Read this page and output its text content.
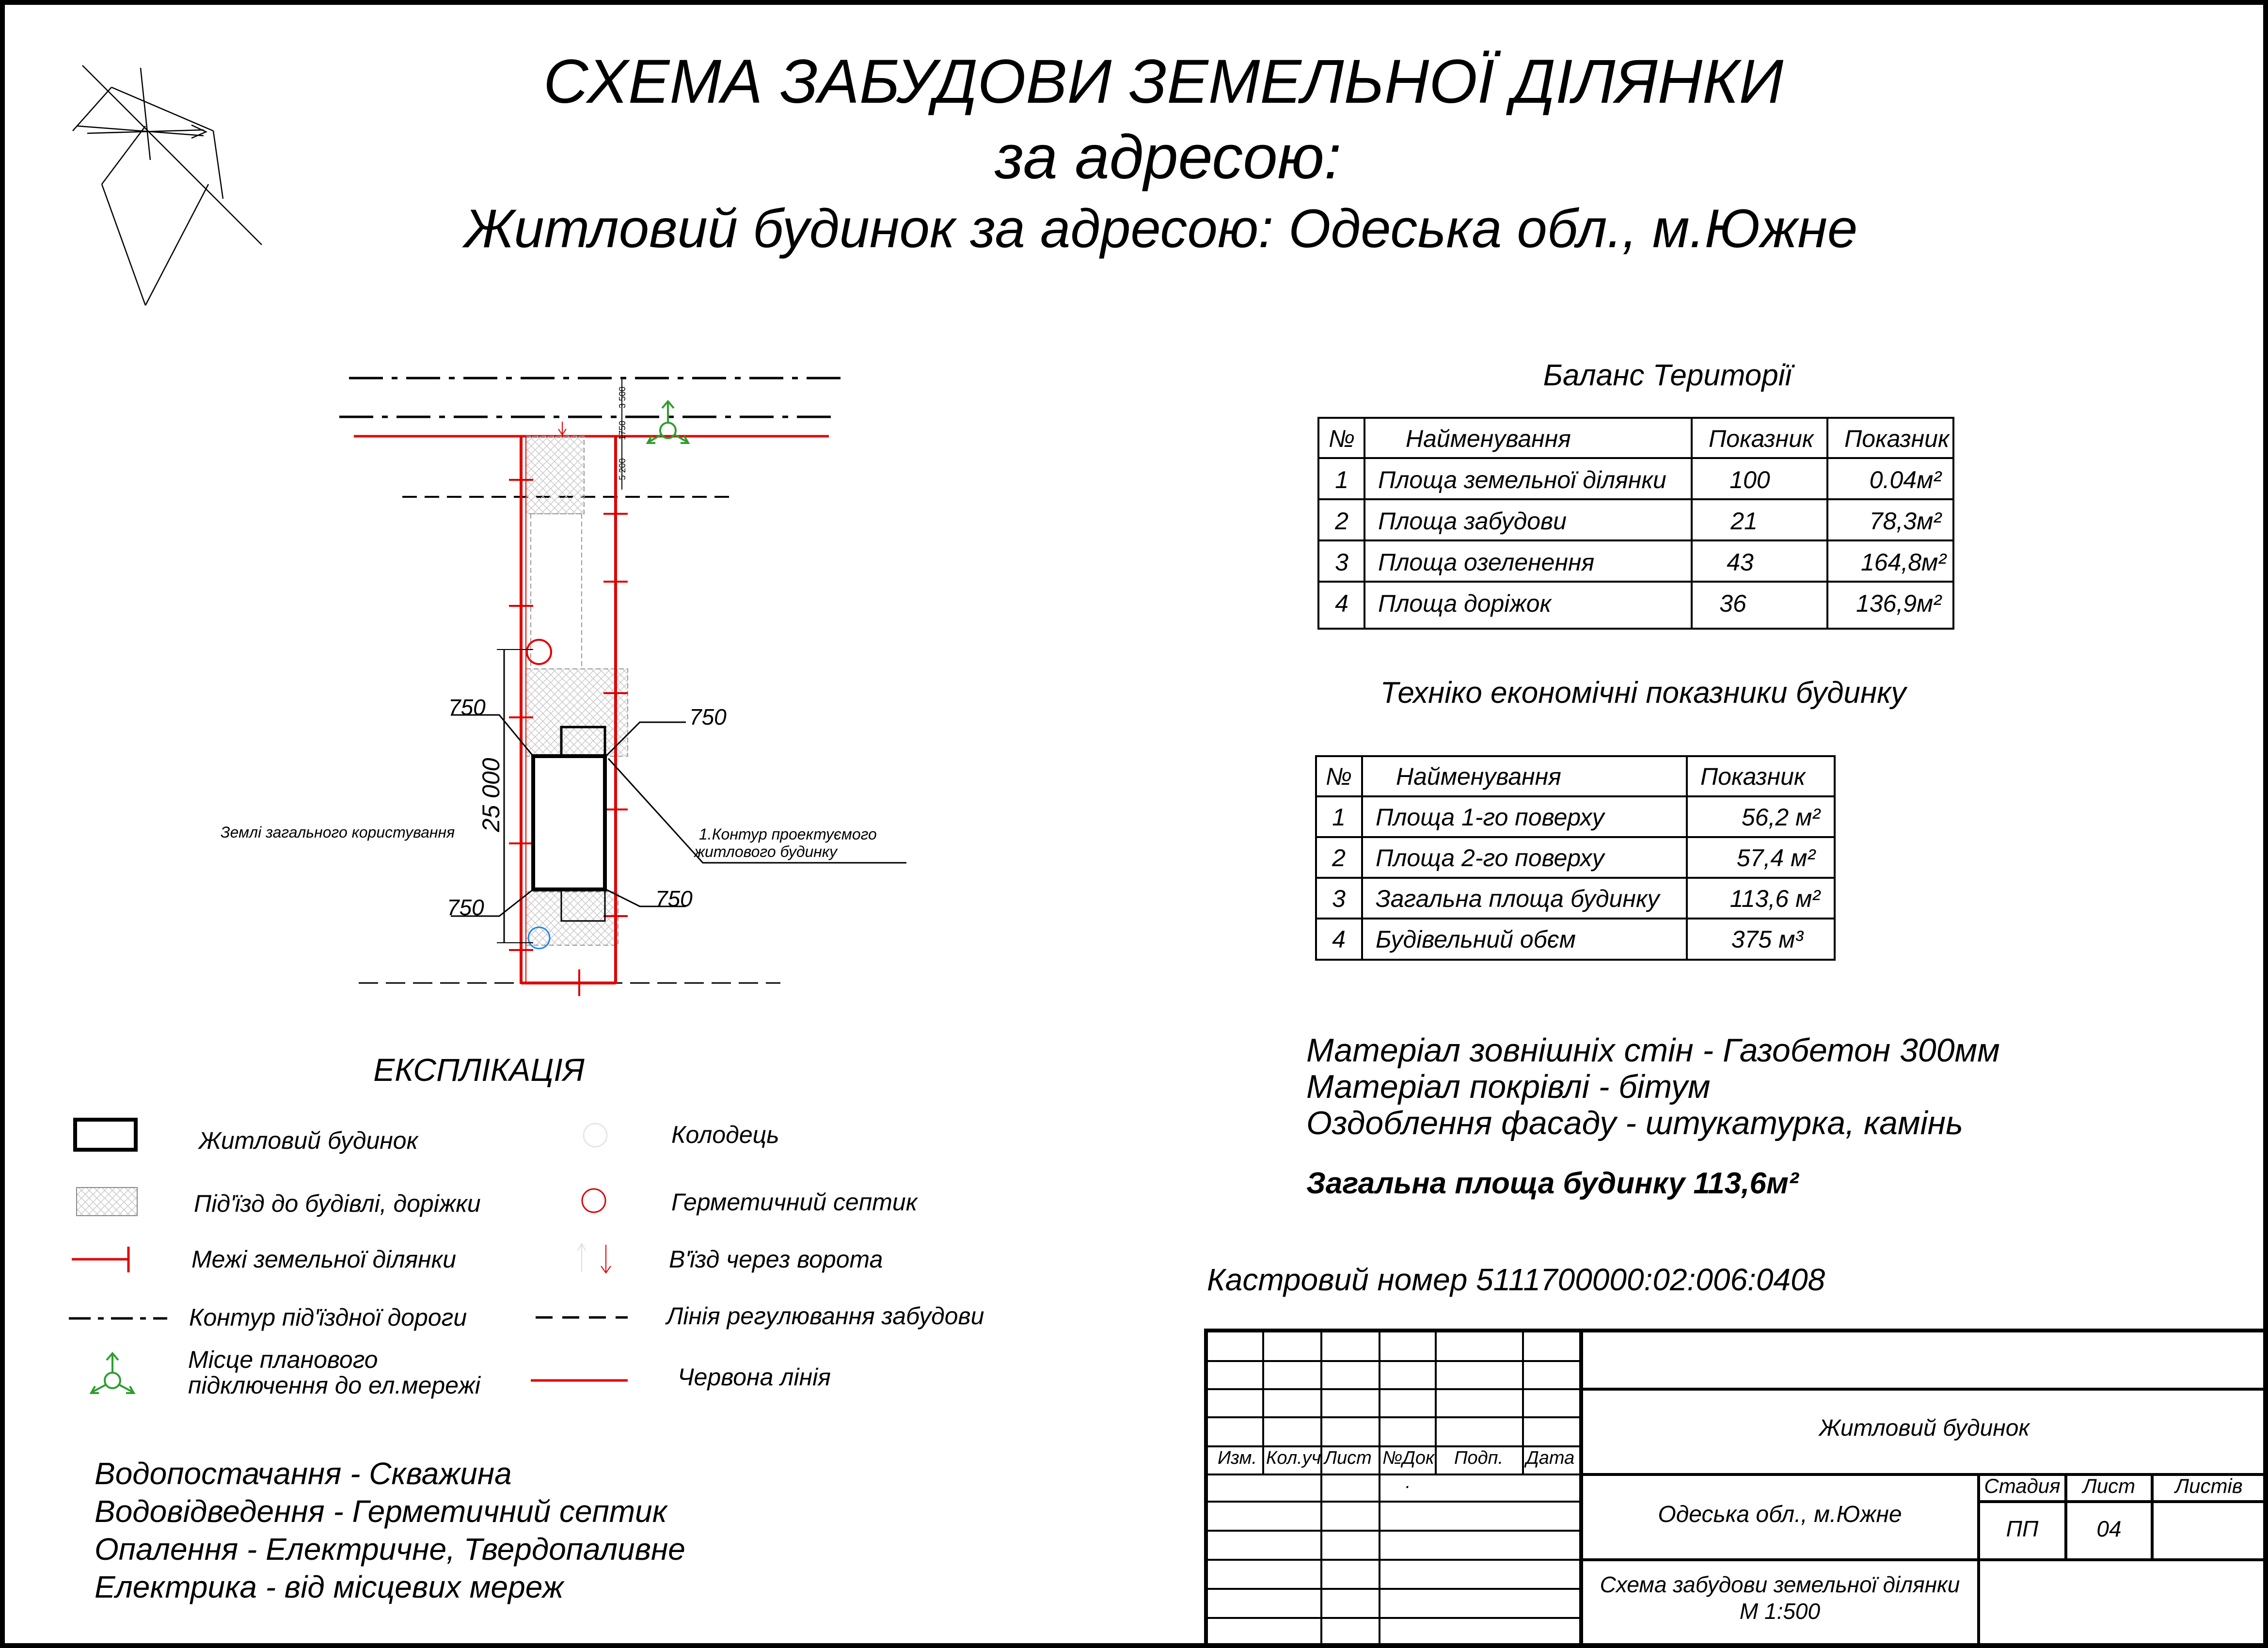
СХЕМА ЗАБУДОВИ ЗЕМЕЛЬНОЇ ДІЛЯНКИ
за адресою:
Житловий будинок за адресою: Одеська обл., м.Южне
3 500
1750
5 200
25 000
750	750
750	750
Землі загального користування	1.Контур проектуємого
житлового будинку
Баланс Території
№ Найменування	Показник Показник
1 Площа земельної ділянки	100	0.04м²
2 Площа забудови	21	78,3м²
3 Площа озеленення	43	164,8м²
4 Площа доріжок	36	136,9м²
Техніко економічні показники будинку
№ Найменування	Показник
1 Площа 1-го поверху	56,2 м²
2 Площа 2-го поверху	57,4 м²
3 Загальна площа будинку	113,6 м²
4 Будівельний обєм	375 м³
Матеріал зовнішніх стін - Газобетон 300мм
Матеріал покрівлі - бітум
Оздоблення фасаду - штукатурка, камінь
Загальна площа будинку 113,6м²
Кастровий номер 5111700000:02:006:0408
ЕКСПЛІКАЦІЯ
Житловий будинок
Під'їзд до будівлі, доріжки
Межі земельної ділянки
Контур під'їздної дороги
Місце планового
підключення до ел.мережі
Колодець
Герметичний септик
В'їзд через ворота
Лінія регулювання забудови
Червона лінія
Водопостачання - Скважина
Водовідведення - Герметичний септик
Опалення - Електричне, Твердопаливне
Електрика - від місцевих мереж
Изм. Кол.уч Лист №Док Подп. Дата
.
Житловий будинок
Одеська обл., м.Южне
Схема забудови земельної ділянки
М 1:500
Стадия Лист Листів
ПП	04
